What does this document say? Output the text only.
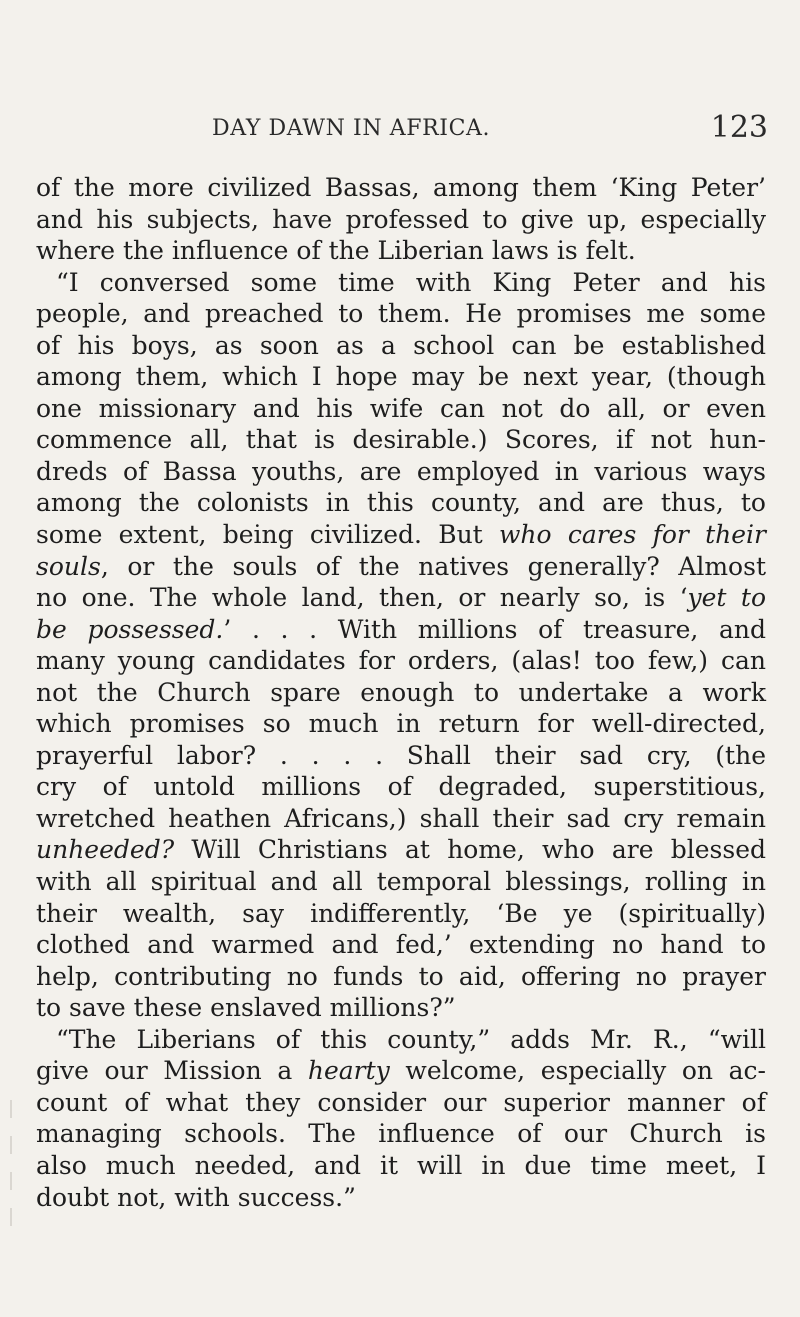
DAY DAWN IN AFRICA.	123
of the more civilized Bassas, among them ‘King Peter’
and his subjects, have professed to give up, especially
where the influence of the Liberian laws is felt.
“I conversed some time with King Peter and his
people, and preached to them. He promises me some
of his boys, as soon as a school can be established
among them, which I hope may be next year, (though
one missionary and his wife can not do all, or even
commence all, that is desirable.) Scores, if not hun-
dreds of Bassa youths, are employed in various ways
among the colonists in this county, and are thus, to
some extent, being civilized. But who cares for their
souls, or the souls of the natives generally? Almost
no one. The whole land, then, or nearly so, is ‘yet to
be possessed.’ . . . With millions of treasure, and
many young candidates for orders, (alas! too few,) can
not the Church spare enough to undertake a work
which promises so much in return for well-directed,
prayerful labor? . . . . Shall their sad cry, (the
cry of untold millions of degraded, superstitious,
wretched heathen Africans,) shall their sad cry remain
unheeded? Will Christians at home, who are blessed
with all spiritual and all temporal blessings, rolling in
their wealth, say indifferently, ‘Be ye (spiritually)
clothed and warmed and fed,’ extending no hand to
help, contributing no funds to aid, offering no prayer
to save these enslaved millions?”
“The Liberians of this county,” adds Mr. R., “will
give our Mission a hearty welcome, especially on ac-
count of what they consider our superior manner of
managing schools. The influence of our Church is
also much needed, and it will in due time meet, I
doubt not, with success.”
